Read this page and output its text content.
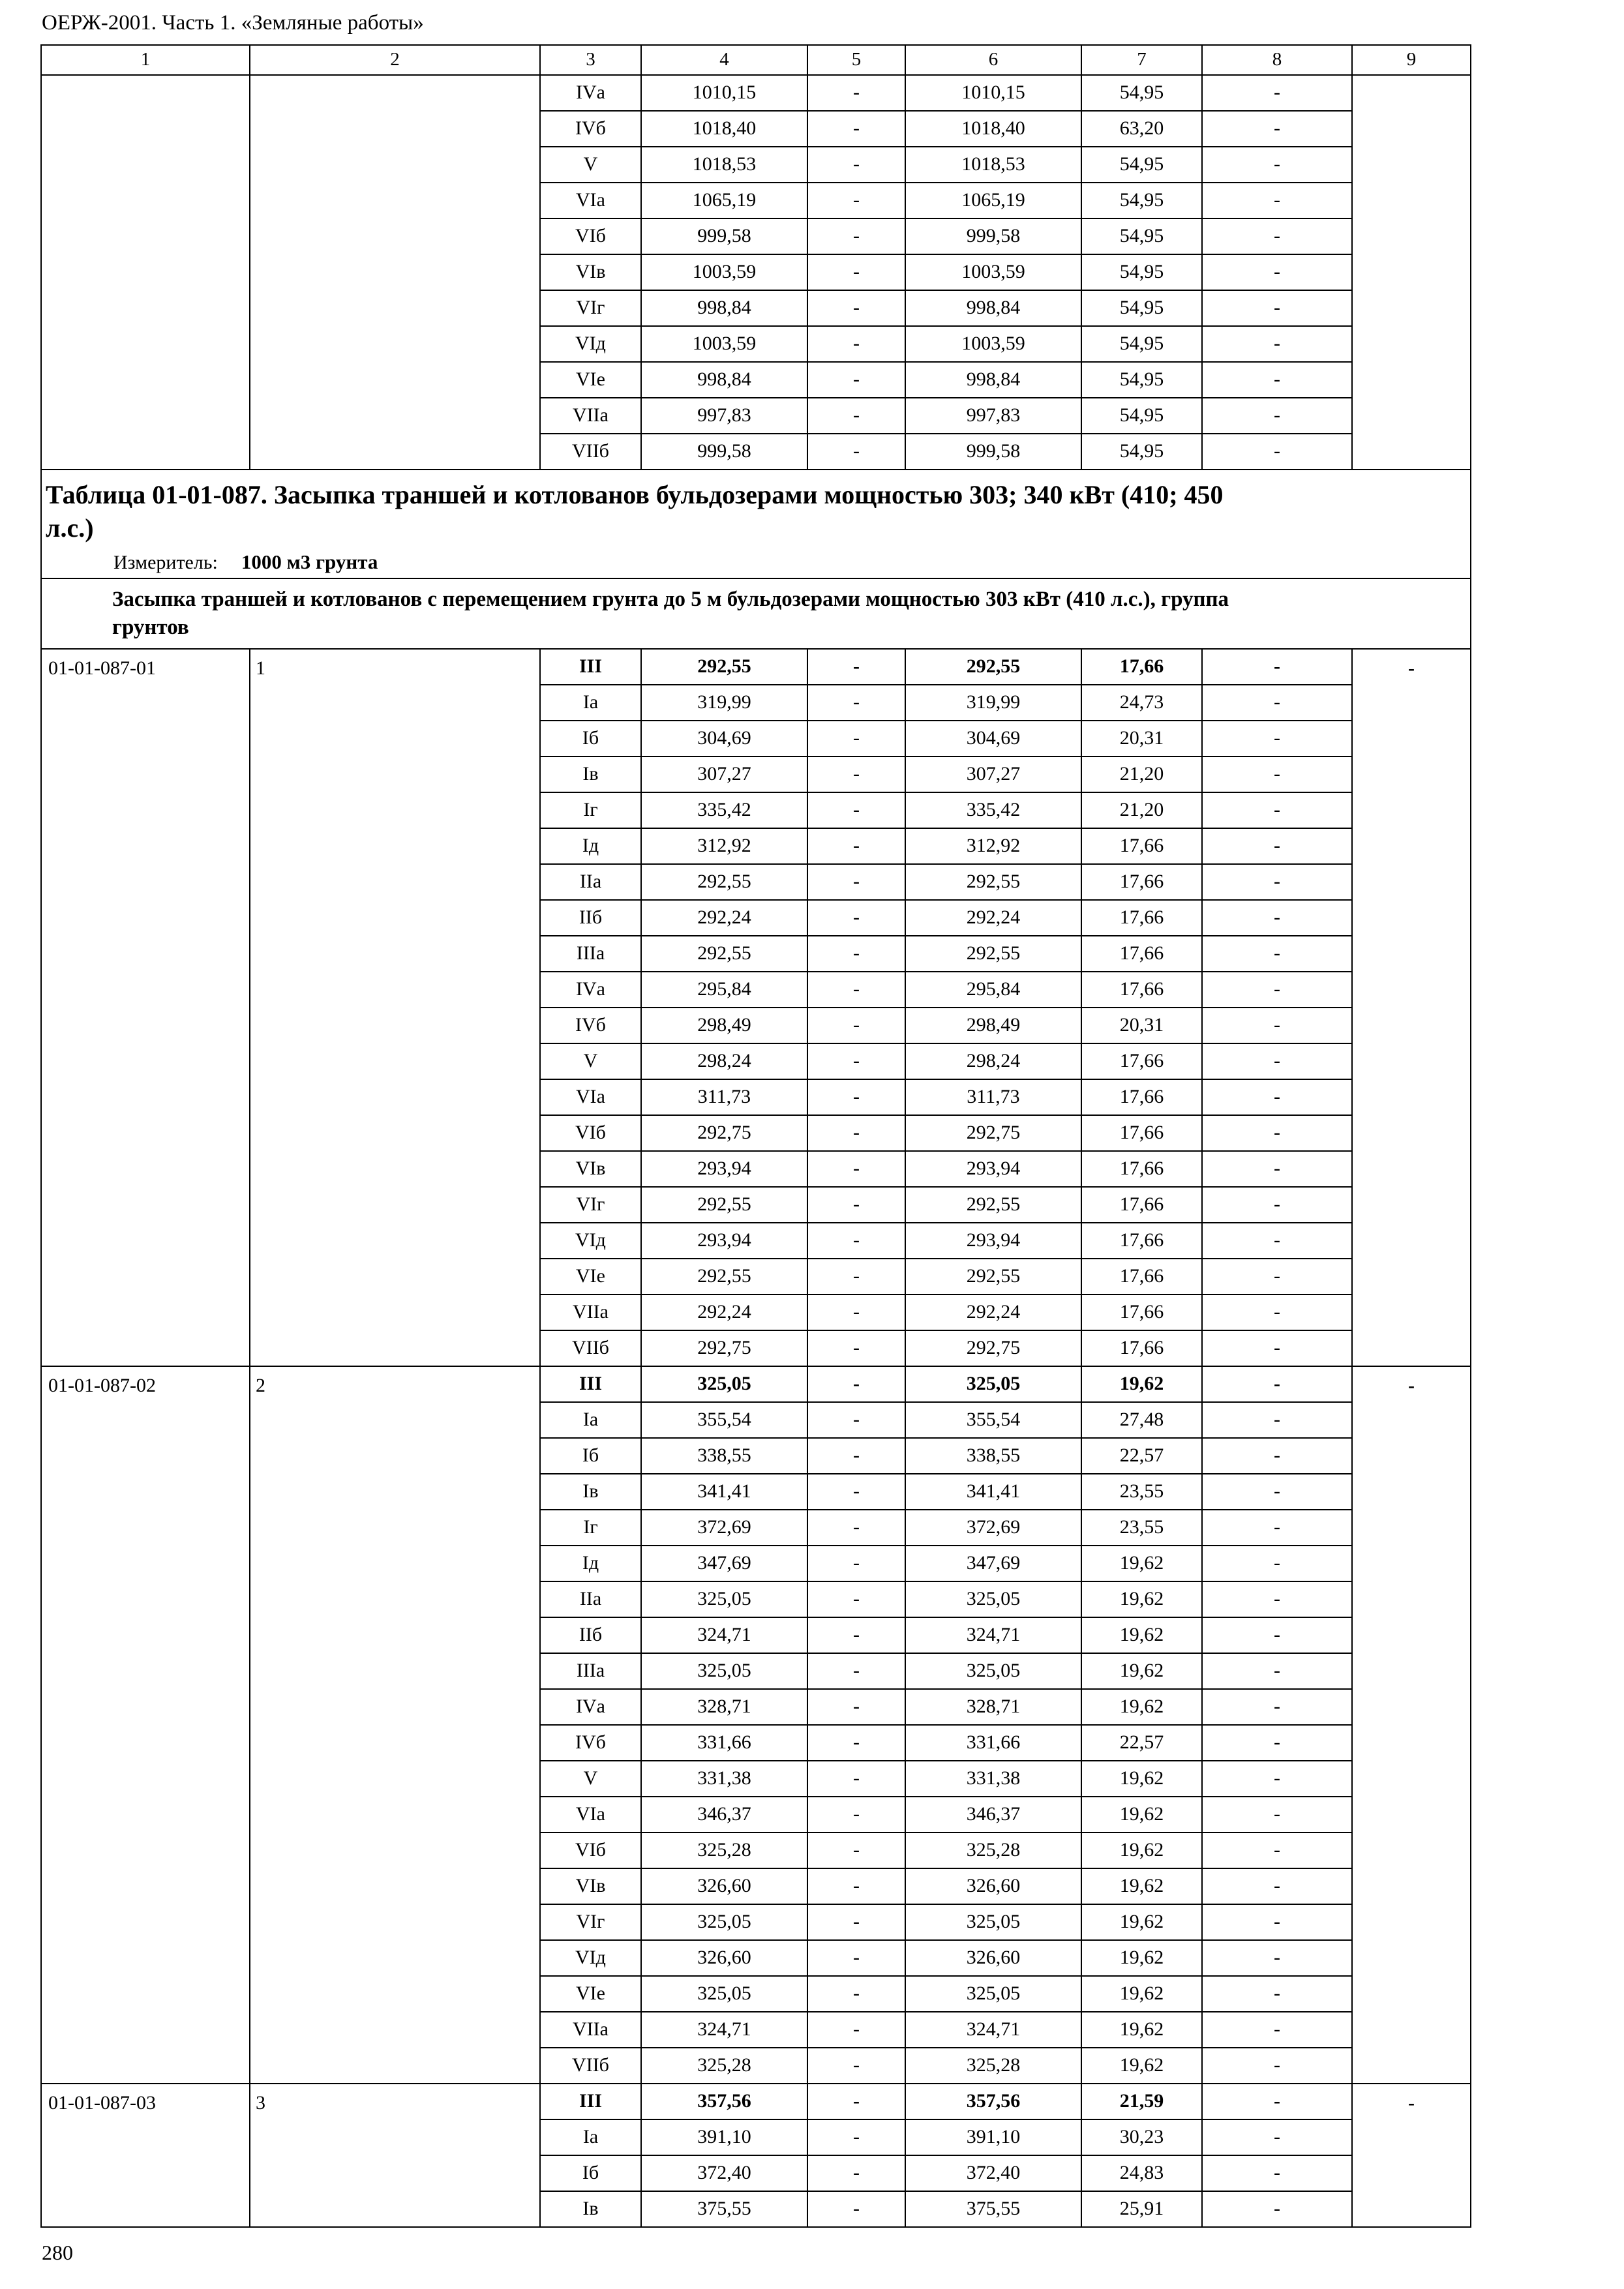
ОЕРЖ-2001. Часть 1. «Земляные работы»
1	2	3	4	5	6	7	8	9
		IVа	1010,15	-	1010,15	54,95	-	
		IVб	1018,40	-	1018,40	63,20	-	
		V	1018,53	-	1018,53	54,95	-	
		VIа	1065,19	-	1065,19	54,95	-	
		VIб	999,58	-	999,58	54,95	-	
		VIв	1003,59	-	1003,59	54,95	-	
		VIг	998,84	-	998,84	54,95	-	
		VIд	1003,59	-	1003,59	54,95	-	
		VIе	998,84	-	998,84	54,95	-	
		VIIа	997,83	-	997,83	54,95	-	
		VIIб	999,58	-	999,58	54,95	-	

Таблица 01-01-087. Засыпка траншей и котлованов бульдозерами мощностью 303; 340 кВт (410; 450 л.с.)								

Измеритель: 1000 м3 грунта								

Засыпка траншей и котлованов с перемещением грунта до 5 м бульдозерами мощностью 303 кВт (410 л.с.), группа грунтов								

01-01-087-01	1	III	292,55	-	292,55	17,66	-	-
		Iа	319,99	-	319,99	24,73	-	
		Iб	304,69	-	304,69	20,31	-	
		Iв	307,27	-	307,27	21,20	-	
		Iг	335,42	-	335,42	21,20	-	
		Iд	312,92	-	312,92	17,66	-	
		IIа	292,55	-	292,55	17,66	-	
		IIб	292,24	-	292,24	17,66	-	
		IIIа	292,55	-	292,55	17,66	-	
		IVа	295,84	-	295,84	17,66	-	
		IVб	298,49	-	298,49	20,31	-	
		V	298,24	-	298,24	17,66	-	
		VIа	311,73	-	311,73	17,66	-	
		VIб	292,75	-	292,75	17,66	-	
		VIв	293,94	-	293,94	17,66	-	
		VIг	292,55	-	292,55	17,66	-	
		VIд	293,94	-	293,94	17,66	-	
		VIе	292,55	-	292,55	17,66	-	
		VIIа	292,24	-	292,24	17,66	-	
		VIIб	292,75	-	292,75	17,66	-	
01-01-087-02	2	III	325,05	-	325,05	19,62	-	-
		Iа	355,54	-	355,54	27,48	-	
		Iб	338,55	-	338,55	22,57	-	
		Iв	341,41	-	341,41	23,55	-	
		Iг	372,69	-	372,69	23,55	-	
		Iд	347,69	-	347,69	19,62	-	
		IIа	325,05	-	325,05	19,62	-	
		IIб	324,71	-	324,71	19,62	-	
		IIIа	325,05	-	325,05	19,62	-	
		IVа	328,71	-	328,71	19,62	-	
		IVб	331,66	-	331,66	22,57	-	
		V	331,38	-	331,38	19,62	-	
		VIа	346,37	-	346,37	19,62	-	
		VIб	325,28	-	325,28	19,62	-	
		VIв	326,60	-	326,60	19,62	-	
		VIг	325,05	-	325,05	19,62	-	
		VIд	326,60	-	326,60	19,62	-	
		VIе	325,05	-	325,05	19,62	-	
		VIIа	324,71	-	324,71	19,62	-	
		VIIб	325,28	-	325,28	19,62	-	
01-01-087-03	3	III	357,56	-	357,56	21,59	-	-
		Iа	391,10	-	391,10	30,23	-	
		Iб	372,40	-	372,40	24,83	-	
		Iв	375,55	-	375,55	25,91	-	
280
